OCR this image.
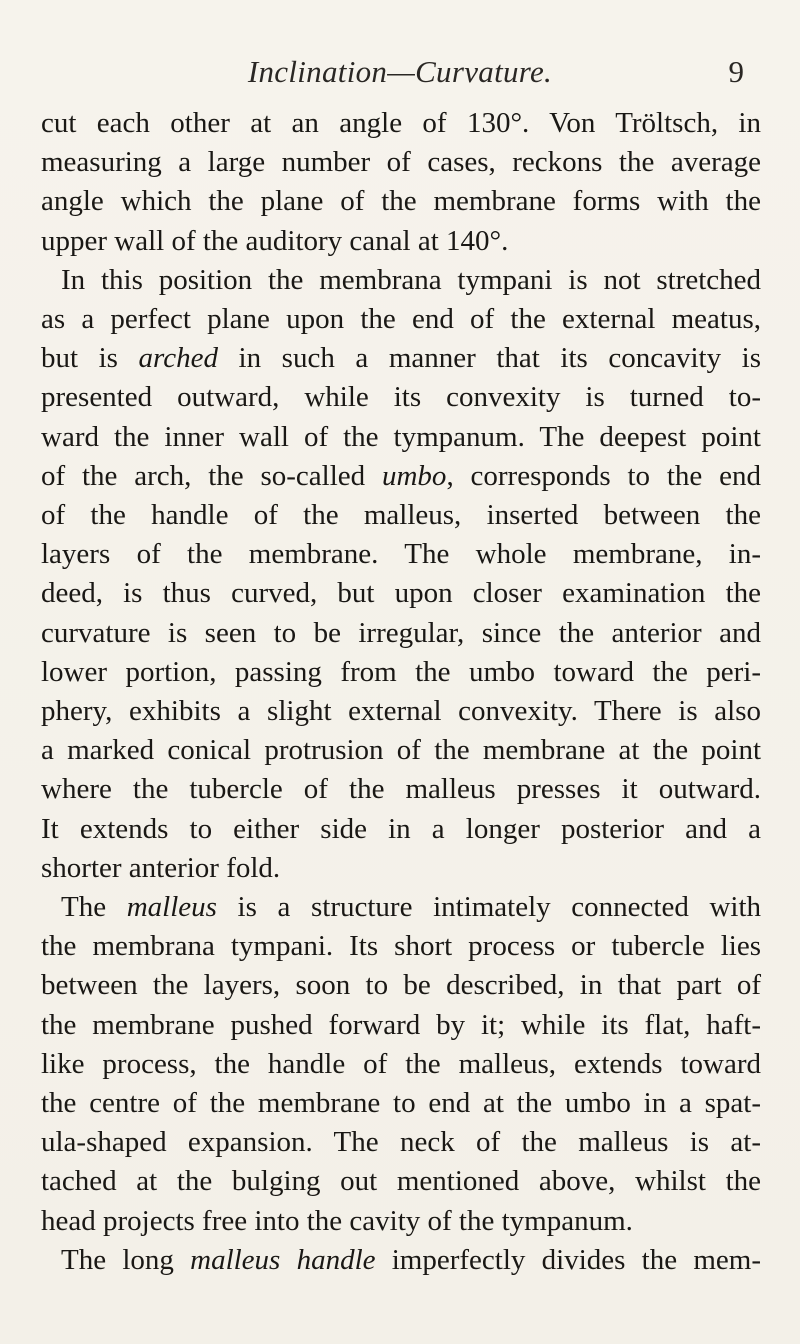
Inclination—Curvature.	9
cut each other at an angle of 130°. Von Tröltsch, in
measuring a large number of cases, reckons the average
angle which the plane of the membrane forms with the
upper wall of the auditory canal at 140°.
In this position the membrana tympani is not stretched
as a perfect plane upon the end of the external meatus,
but is arched in such a manner that its concavity is
presented outward, while its convexity is turned to-
ward the inner wall of the tympanum. The deepest point
of the arch, the so-called umbo, corresponds to the end
of the handle of the malleus, inserted between the
layers of the membrane. The whole membrane, in-
deed, is thus curved, but upon closer examination the
curvature is seen to be irregular, since the anterior and
lower portion, passing from the umbo toward the peri-
phery, exhibits a slight external convexity. There is also
a marked conical protrusion of the membrane at the point
where the tubercle of the malleus presses it outward.
It extends to either side in a longer posterior and a
shorter anterior fold.
The malleus is a structure intimately connected with
the membrana tympani. Its short process or tubercle lies
between the layers, soon to be described, in that part of
the membrane pushed forward by it; while its flat, haft-
like process, the handle of the malleus, extends toward
the centre of the membrane to end at the umbo in a spat-
ula-shaped expansion. The neck of the malleus is at-
tached at the bulging out mentioned above, whilst the
head projects free into the cavity of the tympanum.
The long malleus handle imperfectly divides the mem-
